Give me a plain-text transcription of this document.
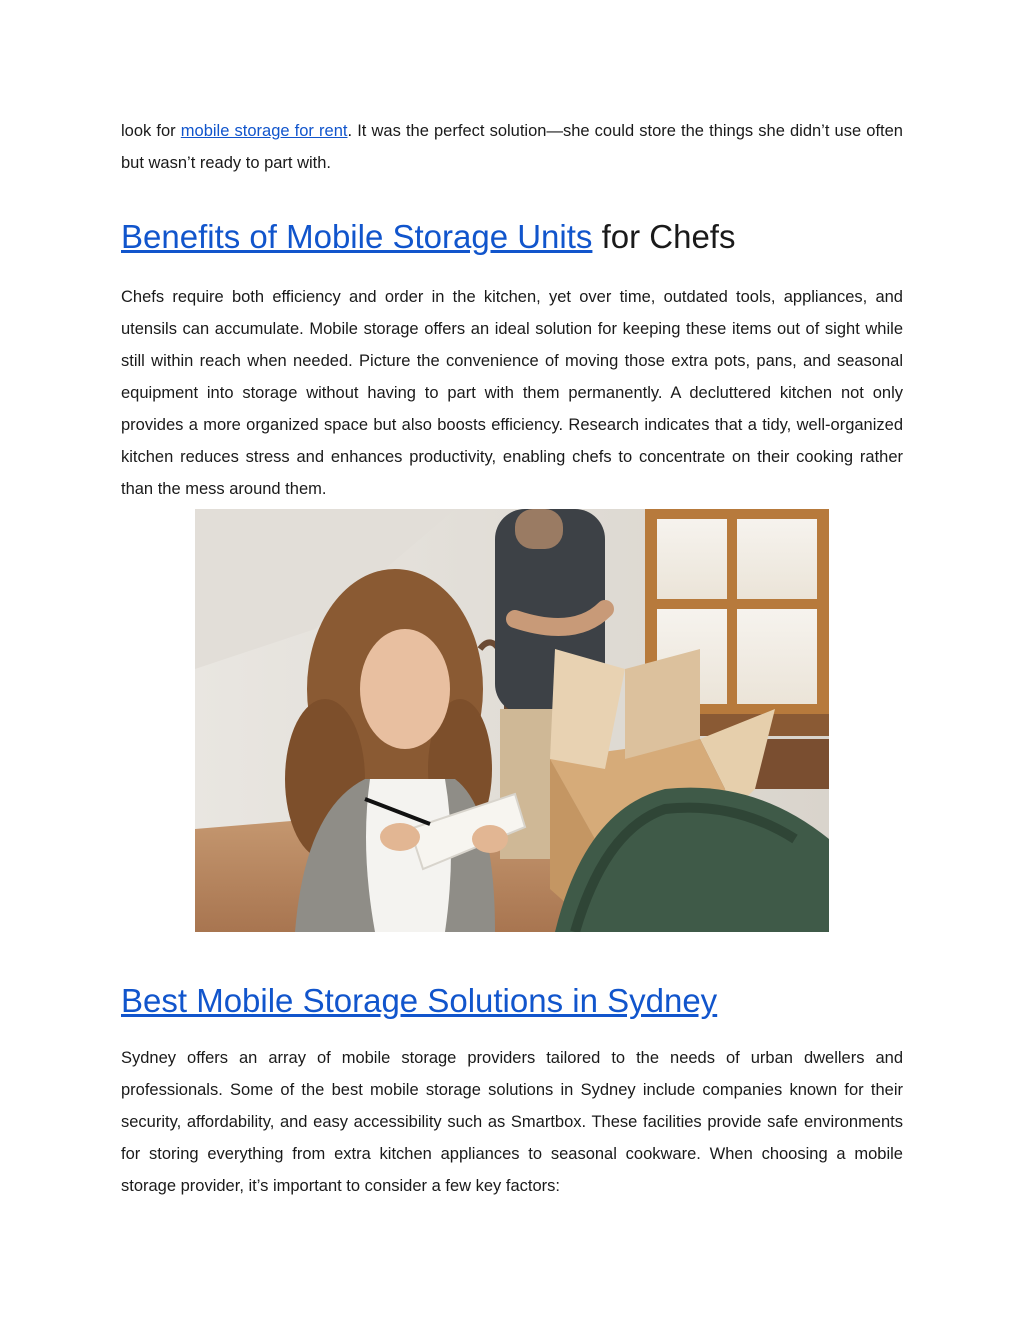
look for mobile storage for rent. It was the perfect solution—she could store the things she didn’t use often but wasn’t ready to part with.

Benefits of Mobile Storage Units for Chefs

Chefs require both efficiency and order in the kitchen, yet over time, outdated tools, appliances, and utensils can accumulate. Mobile storage offers an ideal solution for keeping these items out of sight while still within reach when needed. Picture the convenience of moving those extra pots, pans, and seasonal equipment into storage without having to part with them permanently. A decluttered kitchen not only provides a more organized space but also boosts efficiency. Research indicates that a tidy, well-organized kitchen reduces stress and enhances productivity, enabling chefs to concentrate on their cooking rather than the mess around them.

Best Mobile Storage Solutions in Sydney

Sydney offers an array of mobile storage providers tailored to the needs of urban dwellers and professionals. Some of the best mobile storage solutions in Sydney include companies known for their security, affordability, and easy accessibility such as Smartbox. These facilities provide safe environments for storing everything from extra kitchen appliances to seasonal cookware. When choosing a mobile storage provider, it’s important to consider a few key factors:
